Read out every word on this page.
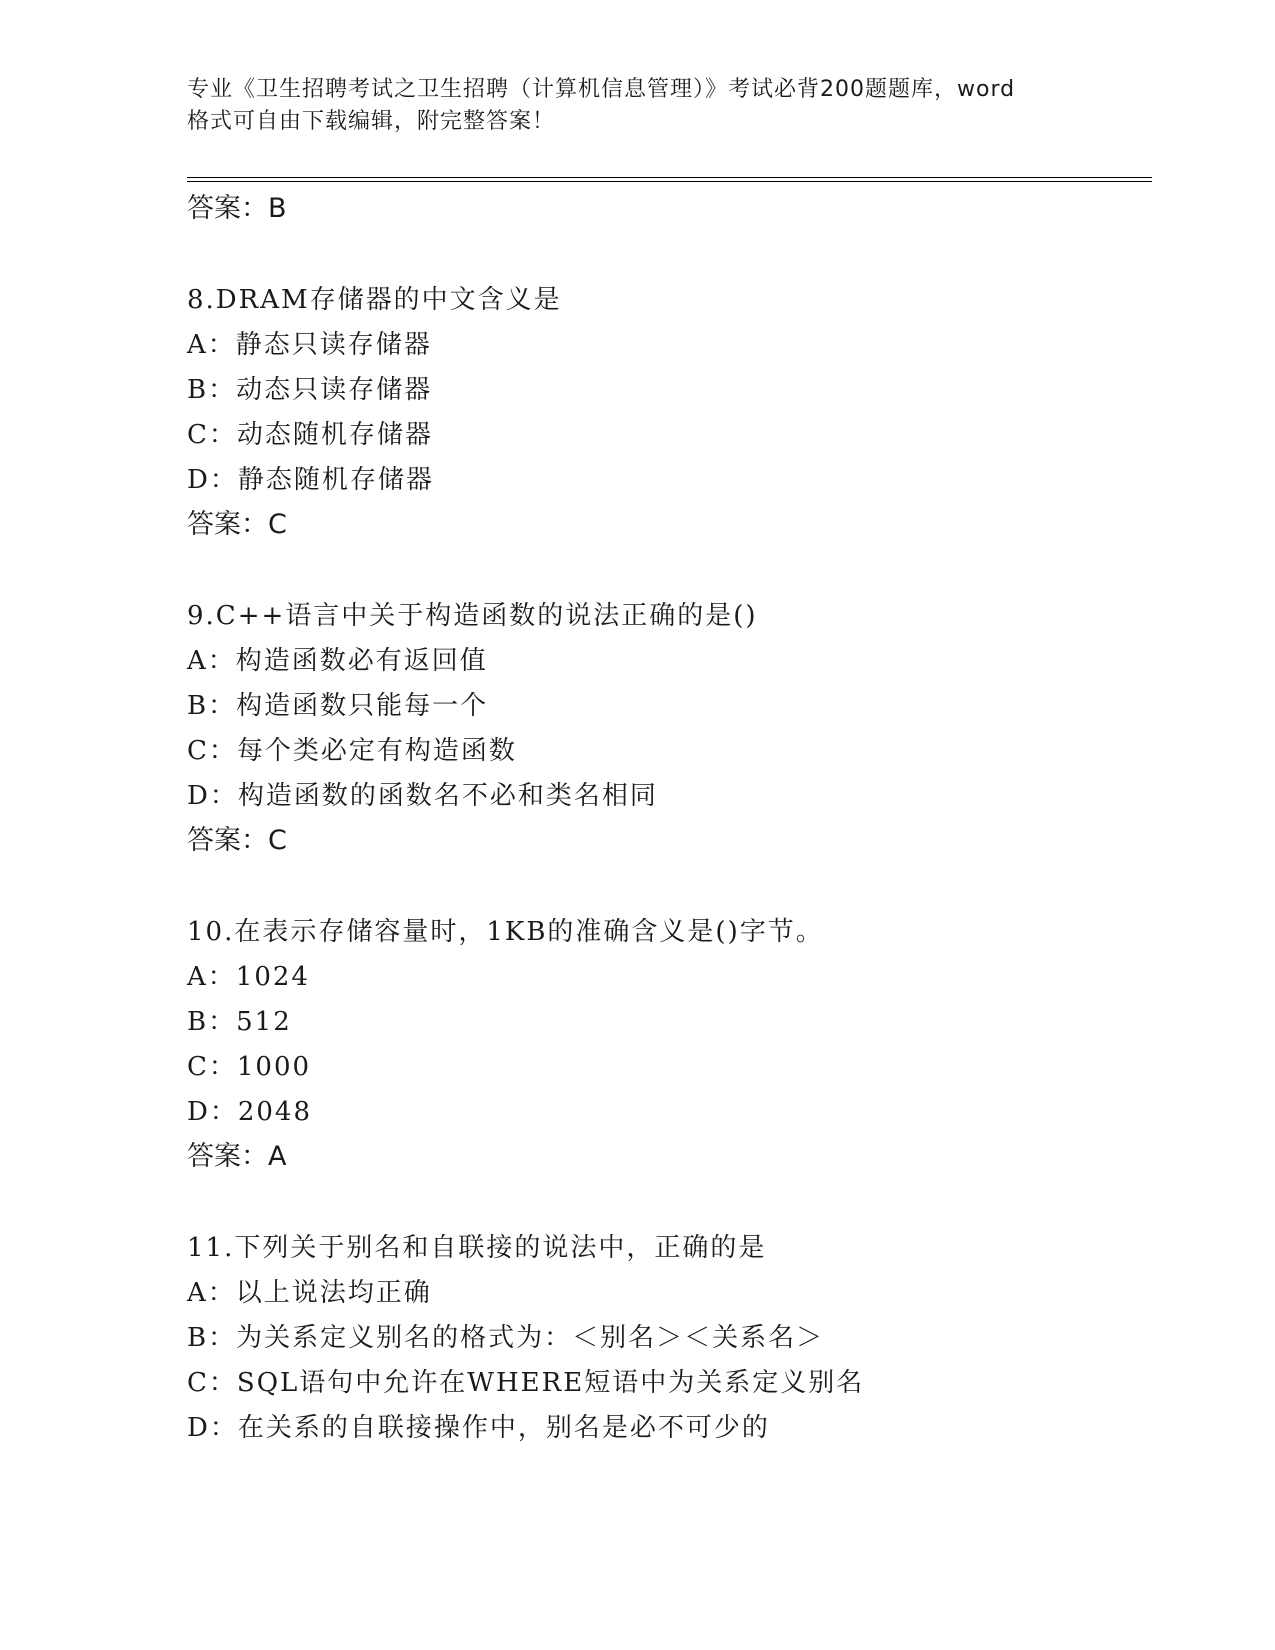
专业《卫生招聘考试之卫生招聘（计算机信息管理）》考试必背200题题库，word
格式可自由下载编辑，附完整答案！
答案：B
8.DRAM存储器的中文含义是
A：静态只读存储器
B：动态只读存储器
C：动态随机存储器
D：静态随机存储器
答案：C
9.C++语言中关于构造函数的说法正确的是()
A：构造函数必有返回值
B：构造函数只能每一个
C：每个类必定有构造函数
D：构造函数的函数名不必和类名相同
答案：C
10.在表示存储容量时，1KB的准确含义是()字节。
A：1024
B：512
C：1000
D：2048
答案：A
11.下列关于别名和自联接的说法中，正确的是
A：以上说法均正确
B：为关系定义别名的格式为：＜别名＞＜关系名＞
C：SQL语句中允许在WHERE短语中为关系定义别名
D：在关系的自联接操作中，别名是必不可少的
